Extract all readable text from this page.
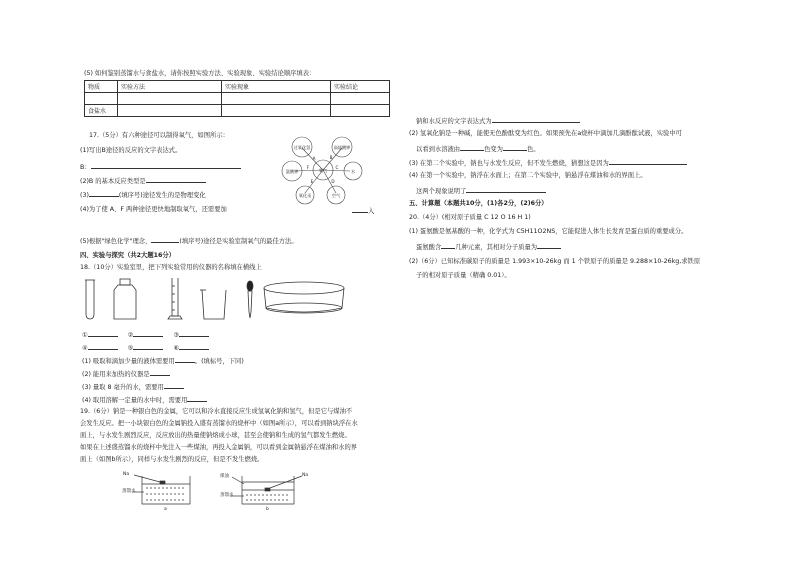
(5) 如何鉴别蒸馏水与食盐水，请你按照实验方法、实验现象、实验结论顺序填表：
物质	实验方法	实验现象	实验结论

食盐水			
17.（5分）有六种途径可以制得氧气，如图所示：
(1)写出B途径的反应的文字表达式。
B：
(2)B 的基本反应类型是
(3)	(填序号)途径发生的是物理变化
(4)为了使 A、F 两种途径更快地制取氧气，还需要加	入
(5)根据"绿色化学"理念，	(填序号)途径是实验室制氧气的最佳方法。
氧气
过氧化氢	高锰酸钾
水
空气
氧化汞
氯酸钾
A	B
C
D
E
F
四、实验与探究（共2大题16分）
18.（10分）实验室里，把下列实验常用的仪器的名称填在横线上
①	②	③
④	⑤	⑥
(1) 吸取和滴加少量的液体需要用	。(填标号，下同)
(2) 能用来加热的仪器是
(3) 量取 8 毫升的水，需要用
(4) 取用溶解一定量的水中时，需要用
19.（6分）钠是一种银白色的金属，它可以和冷水直接反应生成氢氧化钠和氢气，但是它与煤油不
会发生反应。把一小块银白色的金属钠投入盛有蒸馏水的烧杯中（如图a所示），可以看到钠块浮在水
面上，与水发生剧烈反应，反应放出的热量使钠熔成小球，甚至会使钠和生成的氢气都发生燃烧。
如果在上述盛蒸馏水的烧杯中先注入一些煤油，再投入金属钠，可以看到金属钠悬浮在煤油和水的界
面上（如图b所示），同样与水发生剧烈的反应，但是不发生燃烧。
Na
蒸馏水
a
煤油	Na
蒸馏水
b
钠和水反应的文字表达式为
(2) 氢氧化钠是一种碱，能使无色酚酞变为红色。如果预先在a烧杯中滴加几滴酚酞试液，实验中可
以看到水溶液由	色变为	色。
(3) 在第二个实验中，钠也与水发生反应，但不发生燃烧，猜想这是因为
(4) 在第一个实验中，钠浮在水面上；在第二个实验中，钠悬浮在煤油和水的界面上。
这两个现象说明了
五、计算题（本题共10分，(1)各2分，(2)6分）
20.（4分）(相对原子质量 C 12 O 16 H 1)
(1) 蛋氨酸是氨基酸的一种，化学式为 C5H11O2NS，它能促进人体生长发育是蛋白质的重要成分。
蛋氨酸含 几种元素，其相对分子质量为
(2)（6分）已知标准碳原子的质量是 1.993×10-26kg 而 1 个铁原子的质量是 9.288×10-26kg,求铁原
子的相对原子质量（精确 0.01）。
